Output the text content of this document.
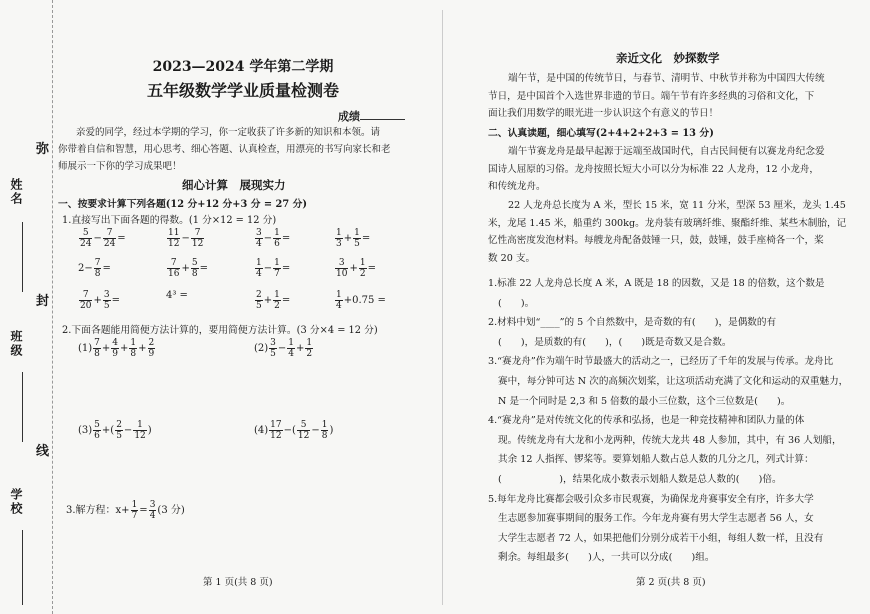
弥
姓名
封
班级
线
学校
2023—2024 学年第二学期
五年级数学学业质量检测卷
成绩
亲爱的同学，经过本学期的学习，你一定收获了许多新的知识和本领。请
你带着自信和智慧，用心思考、细心答题、认真检查，用漂亮的书写向家长和老
师展示一下你的学习成果吧！
细心计算　展现实力
一、按要求计算下列各题(12 分+12 分+3 分 = 27 分)
1.直接写出下面各题的得数。(1 分×12 = 12 分)
$\frac{5}{24} - \frac{7}{24}$ =	$\frac{11}{12} - \frac{7}{12}$	$\frac{3}{4} - \frac{1}{6}$ =	$\frac{1}{3} + \frac{1}{5}$ =
$2- \frac{7}{8}$ =	$\frac{7}{16} + \frac{5}{8}$ =	$\frac{1}{4} - \frac{1}{7}$ =	$\frac{3}{10} + \frac{1}{2}$ =
$\frac{7}{20} + \frac{3}{5}$ =	4³ =	$\frac{2}{5} + \frac{1}{2}$ =	$\frac{1}{4} +0.75$ =
2.下面各题能用简便方法计算的，要用简便方法计算。(3 分×4 = 12 分)
$(1) \frac{7}{8} + \frac{4}{9} + \frac{1}{8} + \frac{2}{9}$	$(2) \frac{3}{5} - \frac{1}{4} + \frac{1}{2}$
$(3) \frac{5}{6}$ +( $\frac{2}{5} - \frac{1}{12}$ )	$(4) \frac{17}{12}$ −( $\frac{5}{12} - \frac{1}{8}$ )
3.解方程：$x+ \frac{1}{7} = \frac{3}{4} (3$ 分)
第 1 页(共 8 页)
亲近文化　妙探数学
端午节，是中国的传统节日，与春节、清明节、中秋节并称为中国四大传统
节日，是中国首个入选世界非遗的节日。端午节有许多经典的习俗和文化，下
面让我们用数学的眼光进一步认识这个有意义的节日！
二、认真读题，细心填写(2+4+2+2+3 = 13 分)
端午节赛龙舟是最早起源于远端至战国时代，自古民间便有以赛龙舟纪念爱
国诗人屈原的习俗。龙舟按照长短大小可以分为标准 22 人龙舟，12 小龙舟，
和传统龙舟。
22 人龙舟总长度为 A 米，型长 15 米，宽 11 分米，型深 53 厘米，龙头 1.45
米，龙尾 1.45 米，船重约 300kg。龙舟装有玻璃纤维、聚酯纤维、某些木制胎，记
忆性高密度发泡材料。每艘龙舟配备鼓锤一只，鼓，鼓锤，鼓手座椅各一个，桨
数 20 支。
1.标准 22 人龙舟总长度 A 米，A 既是 18 的因数，又是 18 的倍数，这个数是
(　　)。
2.材料中划“____”的 5 个自然数中，是奇数的有(　　)，是偶数的有
(　　)，是质数的有(　　)，(　　)既是奇数又是合数。
3.“赛龙舟”作为端午时节最盛大的活动之一，已经历了千年的发展与传承。龙舟比
赛中，每分钟可达 N 次的高频次划桨，让这项活动充满了文化和运动的双重魅力，
N 是一个同时是 2,3 和 5 倍数的最小三位数，这个三位数是(　　)。
4.“赛龙舟”是对传统文化的传承和弘扬，也是一种竞技精神和团队力量的体
现。传统龙舟有大龙和小龙两种，传统大龙共 48 人参加，其中，有 36 人划船，
其余 12 人指挥、锣桨等。要算划船人数占总人数的几分之几，列式计算：
(　　　　　　)，结果化成小数表示划船人数是总人数的(　　)倍。
5.每年龙舟比赛都会吸引众多市民观赛，为确保龙舟赛事安全有序，许多大学
生志愿参加赛事期间的服务工作。今年龙舟赛有男大学生志愿者 56 人，女
大学生志愿者 72 人，如果把他们分别分成若干小组，每组人数一样，且没有
剩余。每组最多(　　)人，一共可以分成(　　)组。
第 2 页(共 8 页)
